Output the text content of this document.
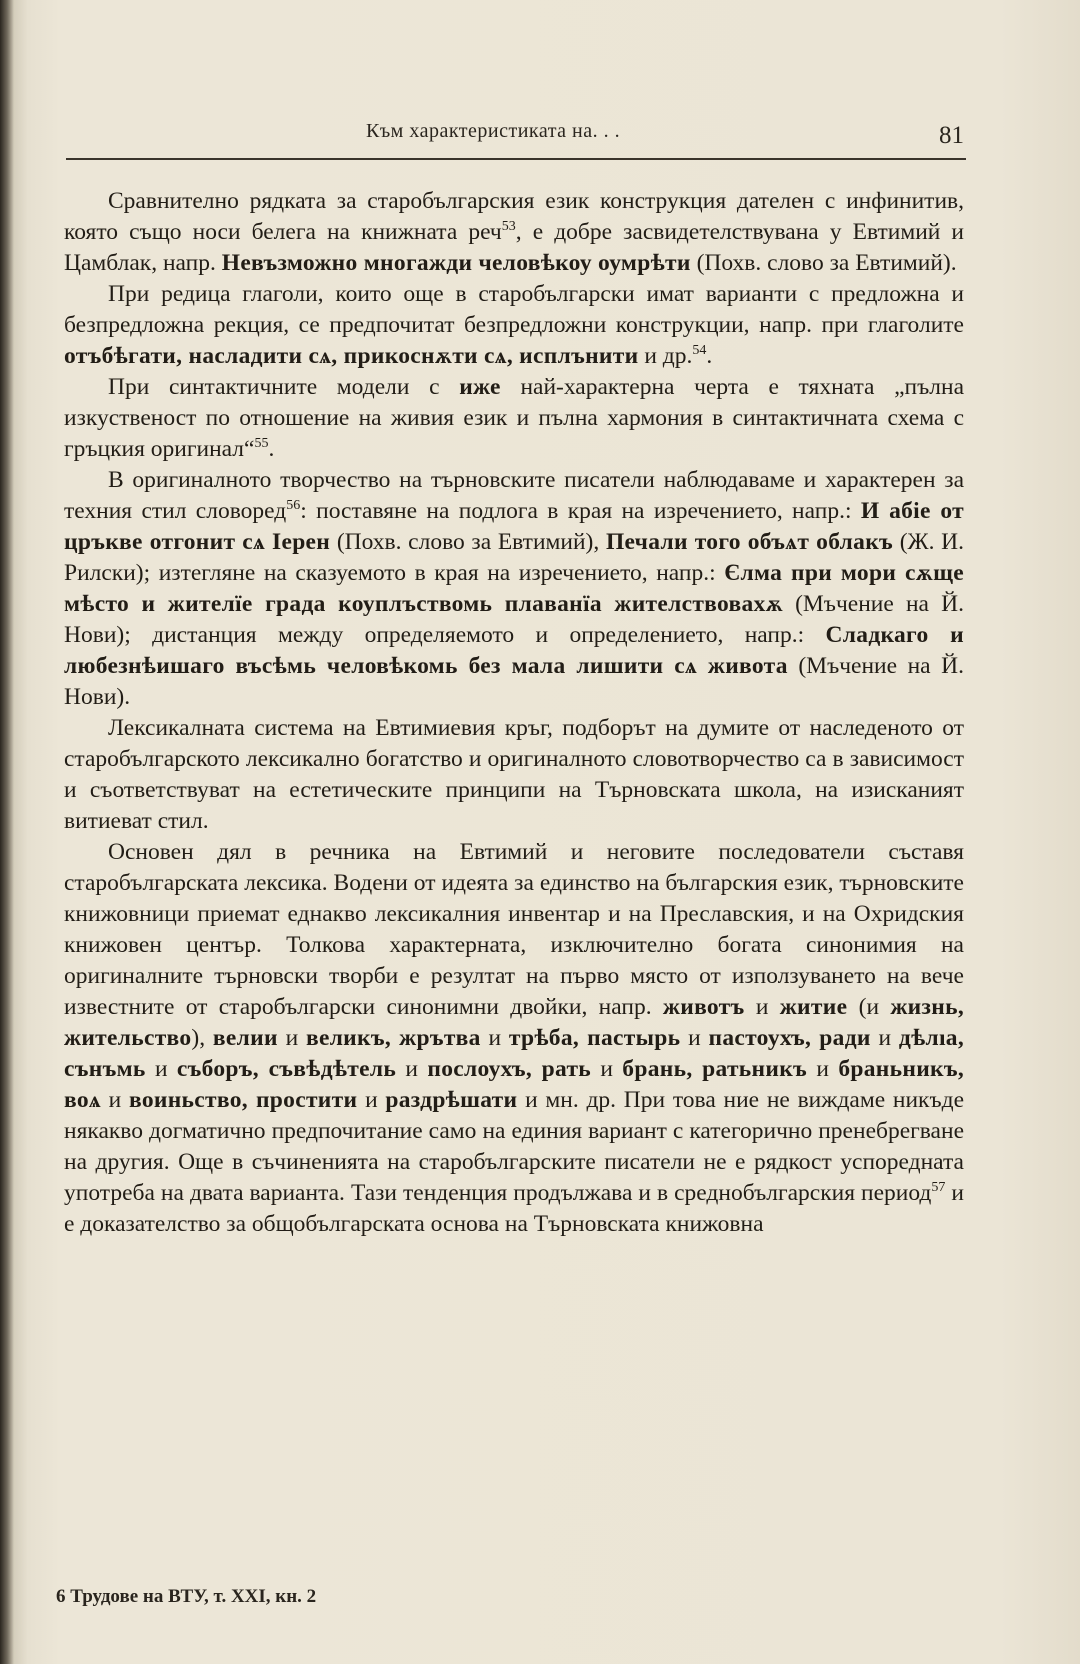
Към характеристиката на. . .	81

Сравнително рядката за старобългарския език конструкция дателен с инфинитив, която също носи белега на книжната реч$^{53}$, е добре засвидетелствувана у Евтимий и Цамблак, напр. Невъзможно многажди человѣкоу оумрѣти (Похв. слово за Евтимий).

При редица глаголи, които още в старобългарски имат варианти с предложна и безпредложна рекция, се предпочитат безпредложни конструкции, напр. при глаголите отъбѣгати, насладити сѧ, прикоснѫти сѧ, исплънити и др.$^{54}$.

При синтактичните модели с иже най-характерна черта е тяхната „пълна изкуственост по отношение на живия език и пълна хармония в синтактичната схема с гръцкия оригинал“$^{55}$.

В оригиналното творчество на търновските писатели наблюдаваме и характерен за техния стил словоред$^{56}$: поставяне на подлога в края на изречението, напр.: И абіе от цръкве отгонит сѧ Іерен (Похв. слово за Евтимий), Печали того объѧт облакъ (Ж. И. Рилски); изтегляне на сказуемото в края на изречението, напр.: Єлма при мори сѫще мѣсто и жителїе града коуплъствомь плаванїа жителствовахѫ (Мъчение на Й. Нови); дистанция между определяемото и определението, напр.: Сладкаго и любезнѣишаго въсѣмь человѣкомь без мала лишити сѧ живота (Мъчение на Й. Нови).

Лексикалната система на Евтимиевия кръг, подборът на думите от наследеното от старобългарското лексикално богатство и оригиналното словотворчество са в зависимост и съответствуват на естетическите принципи на Търновската школа, на изисканият витиеват стил.

Основен дял в речника на Евтимий и неговите последователи съставя старобългарската лексика. Водени от идеята за единство на българския език, търновските книжовници приемат еднакво лексикалния инвентар и на Преславския, и на Охридския книжовен център. Толкова характерната, изключително богата синонимия на оригиналните търновски творби е резултат на първо място от използуването на вече известните от старобългарски синонимни двойки, напр. животъ и житие (и жизнь, жительство), велии и великъ, жрътва и трѣба, пастырь и пастоухъ, ради и дѣлıа, сънъмь и съборъ, съвѣдѣтель и послоухъ, рать и брань, ратьникъ и браньникъ, воѧ и воиньство, простити и раздрѣшати и мн. др. При това ние не виждаме никъде някакво догматично предпочитание само на единия вариант с категорично пренебрегване на другия. Още в съчиненията на старобългарските писатели не е рядкост успоредната употреба на двата варианта. Тази тенденция продължава и в среднобългарския период$^{57}$ и е доказателство за общобългарската основа на Търновската книжовна

6 Трудове на ВТУ, т. XXI, кн. 2
